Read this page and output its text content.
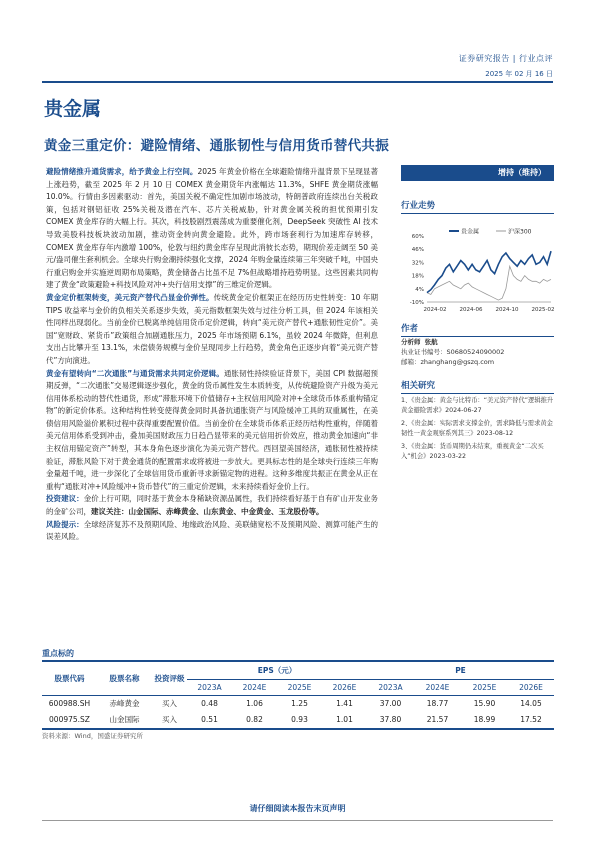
证券研究报告 | 行业点评
2025 年 02 月 16 日
贵金属
黄金三重定价：避险情绪、通胀韧性与信用货币替代共振

避险情绪推升通货需求，给予黄金上行空间。2025 年黄金价格在全球避险情绪升温背景下呈现显著上涨趋势，截至 2025 年 2 月 10 日 COMEX 黄金期货年内涨幅达 11.3%，SHFE 黄金期货涨幅 10.0%。行情由多因素驱动：首先，美国关税不确定性加剧市场波动，特朗普政府连续出台关税政策，包括对钢铝征收 25%关税及潜在汽车、芯片关税威胁，针对黄金属关税的担忧预期引发 COMEX 黄金库存的大幅上行。其次，科技股剧烈震荡成为重要催化剂，DeepSeek 突破性 AI 技术导致美股科技板块波动加剧，推动资金转向黄金避险。此外，跨市场套利行为加速库存转移，COMEX 黄金库存年内激增 100%，伦敦与纽约黄金库存呈现此消彼长态势，期现价差走阔至 50 美元/盎司催生套利机会。全球央行购金潮持续强化支撑，2024 年购金量连续第三年突破千吨，中国央行重启购金并实施逆周期布局策略，黄金储备占比虽不足 7%但战略增持趋势明显。这些因素共同构建了黄金“政策避险+科技风险对冲+央行信用支撑”的三维定价逻辑。

黄金定价框架转变，美元资产替代凸显金价弹性。传统黄金定价框架正在经历历史性转变：10 年期 TIPS 收益率与金价的负相关关系逐步失效，美元指数框架失效与过往分析工具，但 2024 年该相关性同样出现弱化。当前金价已脱离单纯信用货币定价逻辑，转向“美元资产替代+通胀韧性定价”。美国“宽财政、紧货币”政策组合加剧通胀压力，2025 年市场预期 6.1%，虽较 2024 年微降，但利息支出占比攀升至 13.1%，未偿债务规模与金价呈现同步上行趋势，黄金角色正逐步向着“美元资产替代”方向演进。

黄金有望转向“二次通胀”与通货需求共同定价逻辑。通胀韧性持续验证背景下，美国 CPI 数据超预期反弹，“二次通胀”交易逻辑逐步强化，黄金的货币属性发生本质转变，从传统避险资产升级为美元信用体系松动的替代性通货，形成“滞胀环境下价值储存+主权信用风险对冲+全球货币体系重构锚定物”的新定价体系。这种结构性转变使得黄金同时具备抗通胀资产与风险缓冲工具的双重属性，在美债信用风险溢价累积过程中获得重要配置价值。当前金价在全球货币体系正经历结构性重构，伴随着美元信用体系受到冲击，叠加美国财政压力日趋凸显带来的美元信用折价效应，推动黄金加速向“非主权信用锚定资产”转型，其本身角色逐步演化为美元资产替代。西回望美国经济，通胀韧性被持续验证，滞胀风险下对于黄金通货的配置需求或将被进一步放大。更具标志性的是全球央行连续三年购金量超千吨，进一步深化了全球信用货币重新寻求新锚定物的进程。这种多维度共振正在黄金从正在重构“通胀对冲+风险缓冲+货币替代”的三重定价逻辑，未来持续看好金价上行。

投资建议：金价上行可期，同时基于黄金本身稀缺资源品属性，我们持续看好基于自有矿山开发业务的金矿公司，建议关注：山金国际、赤峰黄金、山东黄金、中金黄金、玉龙股份等。

风险提示：全球经济复苏不及预期风险、地缘政治风险、美联储宽松不及预期风险、测算可能产生的误差风险。

增持（维持）
行业走势
-10%
4%
18%
32%
46%
60%
2024-02 2024-06 2024-10 2025-02
贵金属	沪深300
作者
分析师 张航
执业证书编号：S0680524090002
邮箱：zhanghang@gszq.com
相关研究
1、《贵金属：黄金与比特币：“美元资产替代”逻辑推升黄金避险需求》2024-06-27
2、《贵金属：实际需求支撑金价，需求降低与需求黄金韧性一黄金观察系列其三》2023-08-12
3、《贵金属：货币周期仍未结束，重视黄金“二次买入”机会》2023-03-22
重点标的
股票代码	股票名称	投资评级	EPS（元）				PE			
			2023A	2024E	2025E	2026E	2023A	2024E	2025E	2026E
600988.SH	赤峰黄金	买入	0.48	1.06	1.25	1.41	37.00	18.77	15.90	14.05
000975.SZ	山金国际	买入	0.51	0.82	0.93	1.01	37.80	21.57	18.99	17.52
资料来源：Wind，国盛证券研究所
请仔细阅读本报告末页声明
